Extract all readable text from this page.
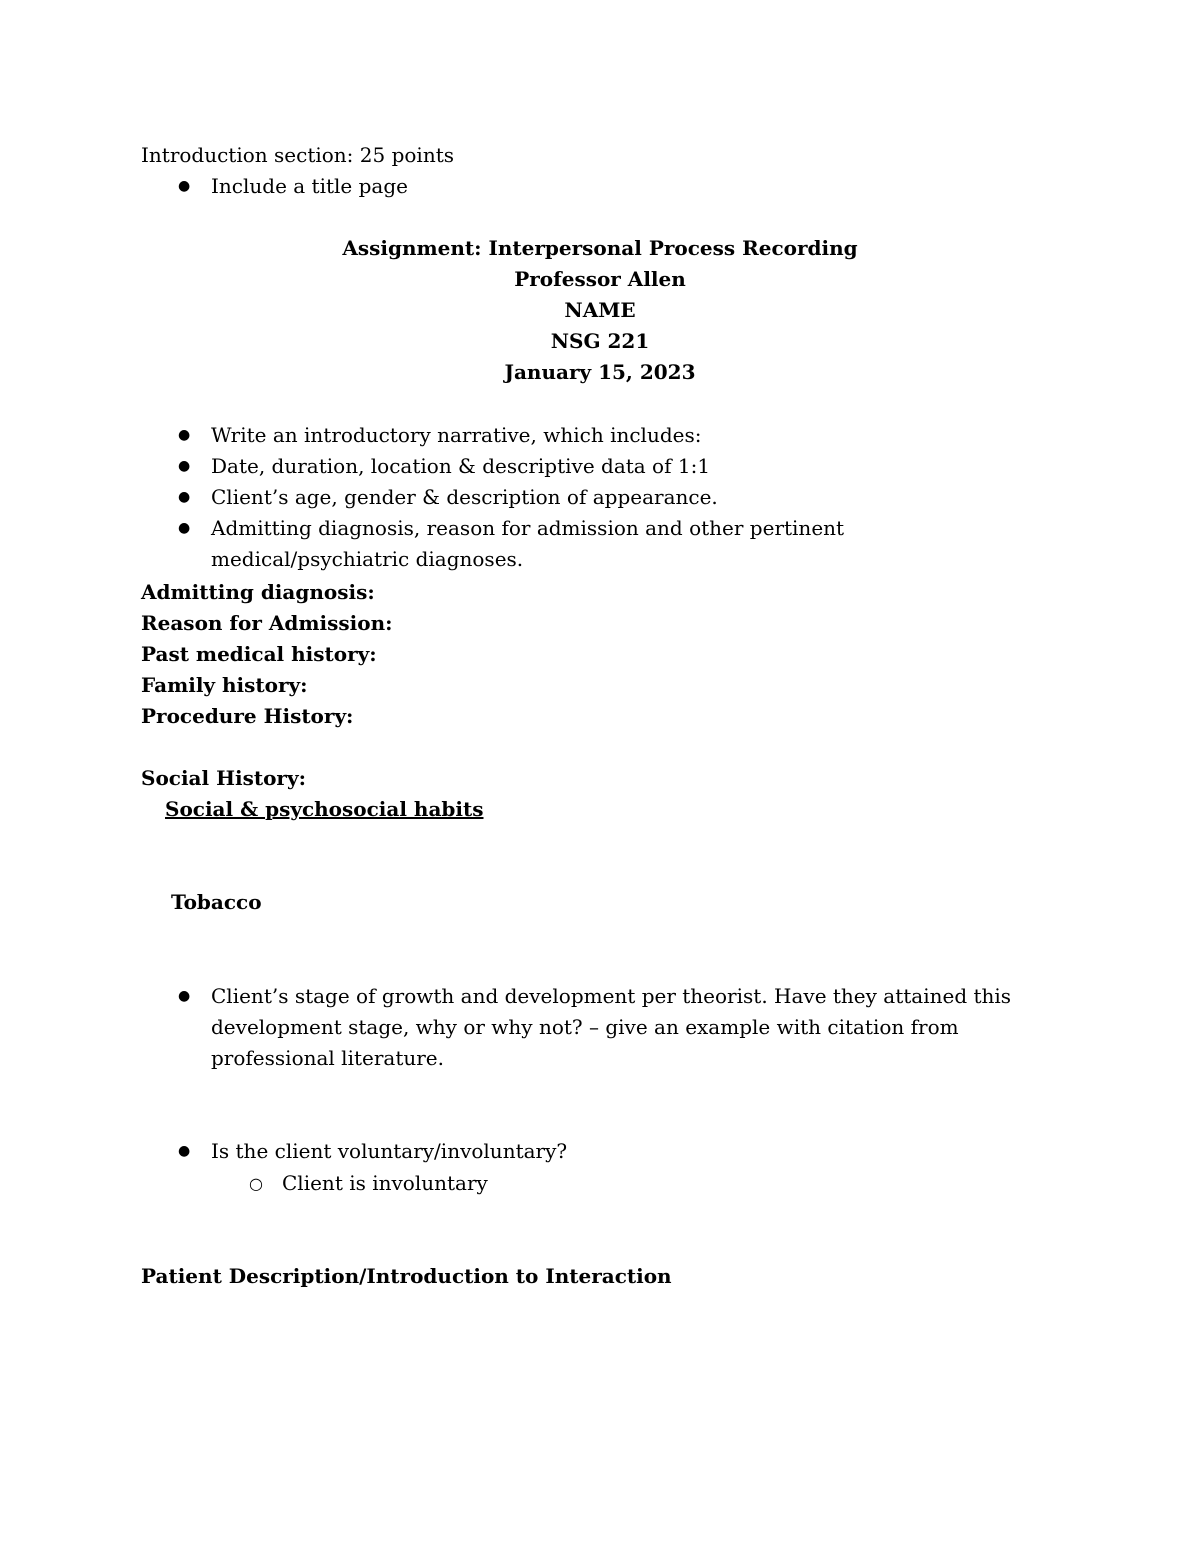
Introduction section: 25 points
● Include a title page
Assignment: Interpersonal Process Recording
Professor Allen
NAME
NSG 221
January 15, 2023
● Write an introductory narrative, which includes:
● Date, duration, location & descriptive data of 1:1
● Client’s age, gender & description of appearance.
● Admitting diagnosis, reason for admission and other pertinent medical/psychiatric diagnoses.
Admitting diagnosis:
Reason for Admission:
Past medical history:
Family history:
Procedure History:
Social History:
Social & psychosocial habits
Tobacco
● Client’s stage of growth and development per theorist. Have they attained this development stage, why or why not? – give an example with citation from professional literature.
● Is the client voluntary/involuntary?
○ Client is involuntary
Patient Description/Introduction to Interaction
